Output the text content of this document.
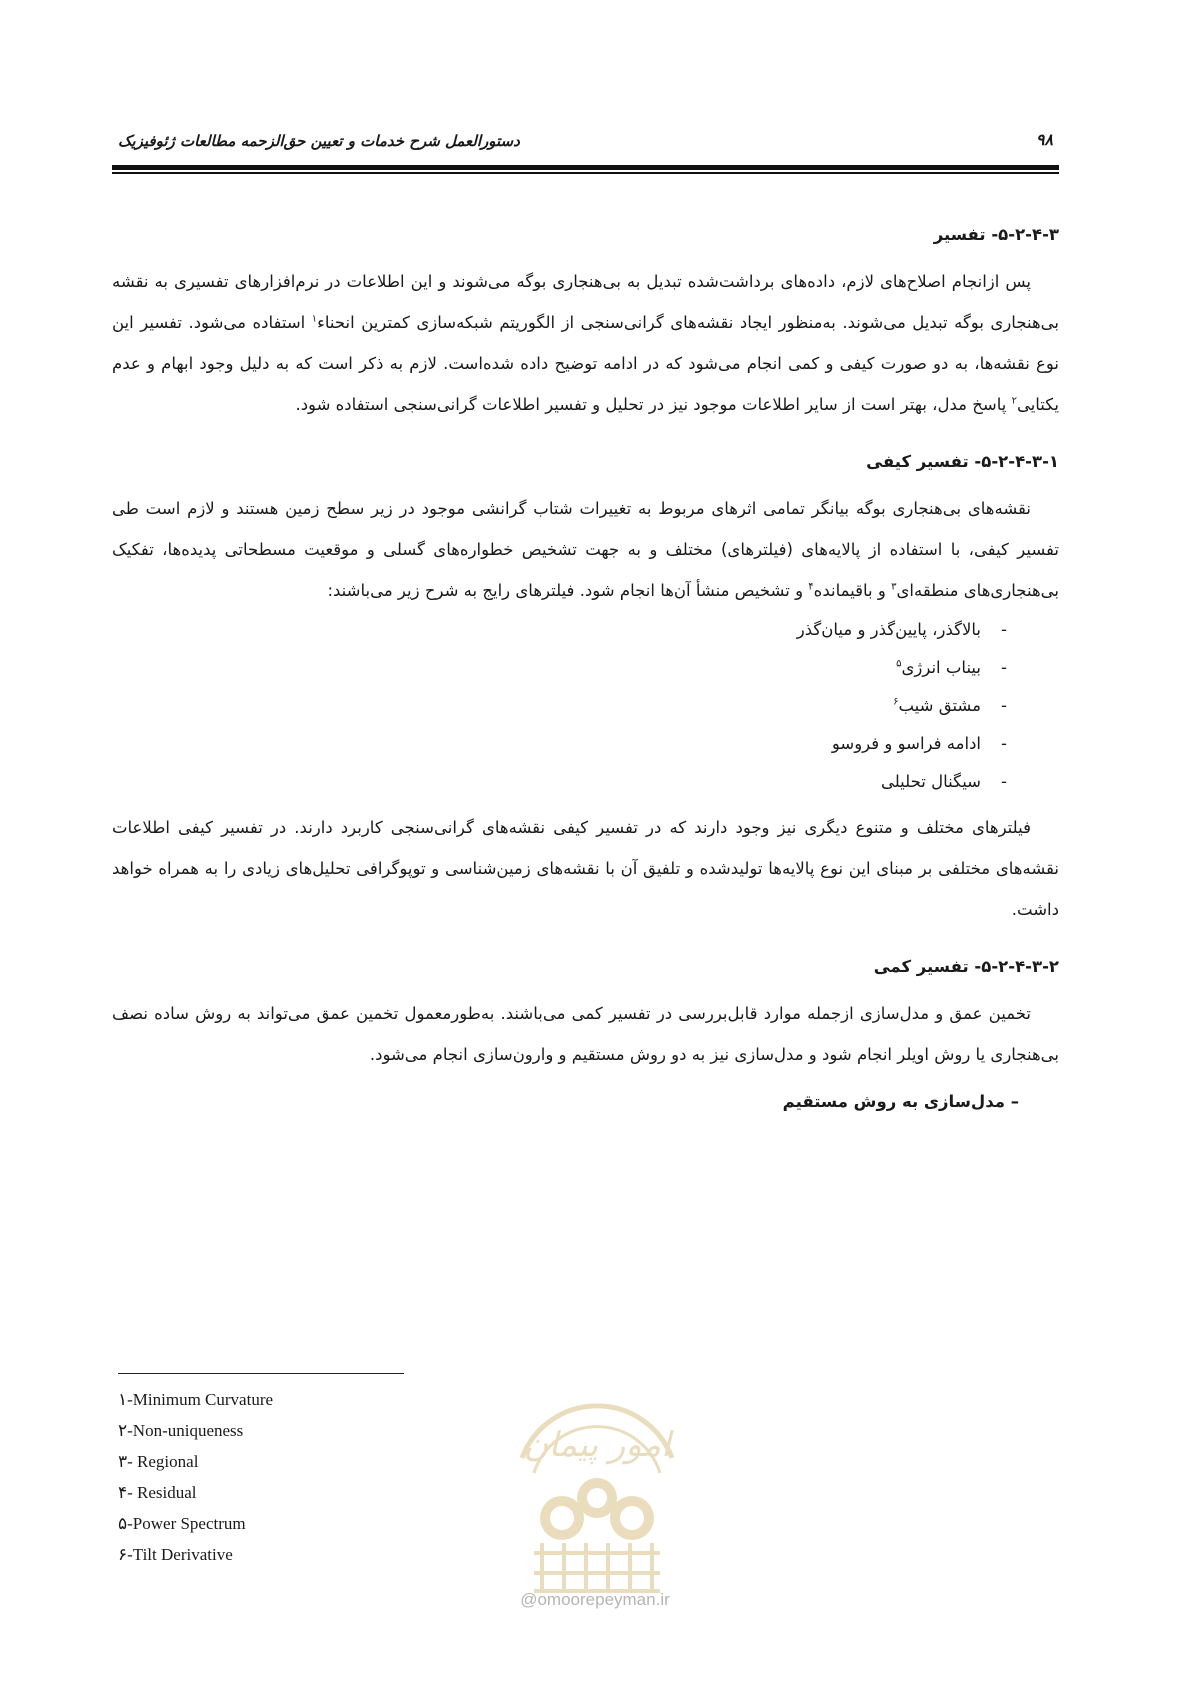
دستورالعمل شرح خدمات و تعیین حق‌الزحمه مطالعات ژئوفیزیک	۹۸
۵-۲-۴-۳- تفسیر

پس ازانجام اصلاح‌های لازم، داده‌های برداشت‌شده تبدیل به بی‌هنجاری بوگه می‌شوند و این اطلاعات در نرم‌افزارهای تفسیری به نقشه بی‌هنجاری بوگه تبدیل می‌شوند. به‌منظور ایجاد نقشه‌های گرانی‌سنجی از الگوریتم شبکه‌سازی کمترین انحناء$^۱$ استفاده می‌شود. تفسیر این نوع نقشه‌ها، به دو صورت کیفی و کمی انجام می‌شود که در ادامه توضیح داده شده‌است. لازم به ذکر است که به دلیل وجود ابهام و عدم یکتایی$^۲$ پاسخ مدل، بهتر است از سایر اطلاعات موجود نیز در تحلیل و تفسیر اطلاعات گرانی‌سنجی استفاده شود.

۵-۲-۴-۳-۱- تفسیر کیفی

نقشه‌های بی‌هنجاری بوگه بیانگر تمامی اثرهای مربوط به تغییرات شتاب گرانشی موجود در زیر سطح زمین هستند و لازم است طی تفسیر کیفی، با استفاده از پالایه‌های (فیلترهای) مختلف و به جهت تشخیص خطواره‌های گسلی و موقعیت مسطحاتی پدیده‌ها، تفکیک بی‌هنجاری‌های منطقه‌ای$^۳$ و باقیمانده$^۴$ و تشخیص منشأ آن‌ها انجام شود. فیلترهای رایج به شرح زیر می‌باشند:

-بالاگذر، پایین‌گذر و میان‌گذر
-بیناب انرژی$^۵$
-مشتق شیب$^۶$
-ادامه فراسو و فروسو
-سیگنال تحلیلی

فیلترهای مختلف و متنوع دیگری نیز وجود دارند که در تفسیر کیفی نقشه‌های گرانی‌سنجی کاربرد دارند. در تفسیر کیفی اطلاعات نقشه‌های مختلفی بر مبنای این نوع پالایه‌ها تولیدشده و تلفیق آن با نقشه‌های زمین‌شناسی و توپوگرافی تحلیل‌های زیادی را به همراه خواهد داشت.

۵-۲-۴-۳-۲- تفسیر کمی

تخمین عمق و مدل‌سازی ازجمله موارد قابل‌بررسی در تفسیر کمی می‌باشند. به‌طورمعمول تخمین عمق می‌تواند به روش ساده نصف بی‌هنجاری یا روش اویلر انجام شود و مدل‌سازی نیز به دو روش مستقیم و وارون‌سازی انجام می‌شود.

– مدل‌سازی به روش مستقیم
۱-Minimum Curvature
۲-Non-uniqueness
۳- Regional
۴- Residual
۵-Power Spectrum
۶-Tilt Derivative
امور پیمان
@omoorepeyman.ir
